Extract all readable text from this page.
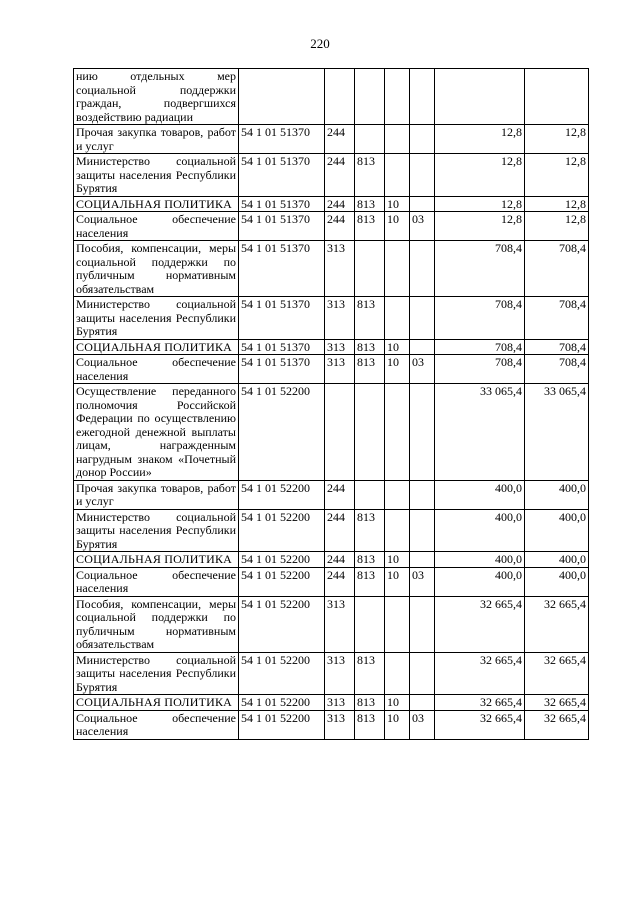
220
нию отдельных мер социальной поддержки граждан, подвергшихся воздействию радиации							
Прочая закупка товаров, работ и услуг	54 1 01 51370	244				12,8	12,8
Министерство социальной защиты населения Республики Бурятия	54 1 01 51370	244	813			12,8	12,8
СОЦИАЛЬНАЯ ПОЛИТИКА	54 1 01 51370	244	813	10		12,8	12,8
Социальное обеспечение населения	54 1 01 51370	244	813	10	03	12,8	12,8
Пособия, компенсации, меры социальной поддержки по публичным нормативным обязательствам	54 1 01 51370	313				708,4	708,4
Министерство социальной защиты населения Республики Бурятия	54 1 01 51370	313	813			708,4	708,4
СОЦИАЛЬНАЯ ПОЛИТИКА	54 1 01 51370	313	813	10		708,4	708,4
Социальное обеспечение населения	54 1 01 51370	313	813	10	03	708,4	708,4
Осуществление переданного полномочия Российской Федерации по осуществлению ежегодной денежной выплаты лицам, награжденным нагрудным знаком «Почетный донор России»	54 1 01 52200					33 065,4	33 065,4
Прочая закупка товаров, работ и услуг	54 1 01 52200	244				400,0	400,0
Министерство социальной защиты населения Республики Бурятия	54 1 01 52200	244	813			400,0	400,0
СОЦИАЛЬНАЯ ПОЛИТИКА	54 1 01 52200	244	813	10		400,0	400,0
Социальное обеспечение населения	54 1 01 52200	244	813	10	03	400,0	400,0
Пособия, компенсации, меры социальной поддержки по публичным нормативным обязательствам	54 1 01 52200	313				32 665,4	32 665,4
Министерство социальной защиты населения Республики Бурятия	54 1 01 52200	313	813			32 665,4	32 665,4
СОЦИАЛЬНАЯ ПОЛИТИКА	54 1 01 52200	313	813	10		32 665,4	32 665,4
Социальное обеспечение населения	54 1 01 52200	313	813	10	03	32 665,4	32 665,4
